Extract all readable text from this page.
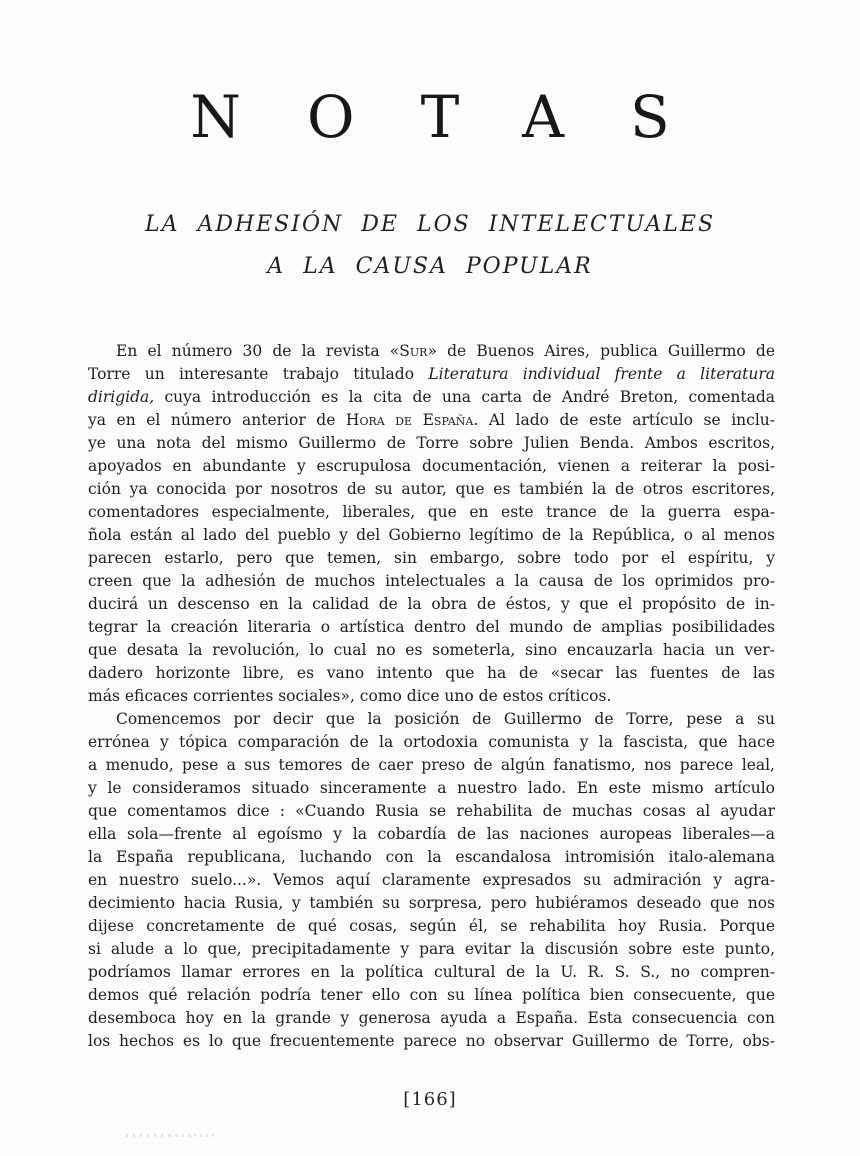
NOTAS
LA ADHESIÓN DE LOS INTELECTUALES
A LA CAUSA POPULAR
En el número 30 de la revista «Sur» de Buenos Aires, publica Guillermo de
Torre un interesante trabajo titulado Literatura individual frente a literatura
dirigida, cuya introducción es la cita de una carta de André Breton, comentada
ya en el número anterior de Hora de España. Al lado de este artículo se inclu-
ye una nota del mismo Guillermo de Torre sobre Julien Benda. Ambos escritos,
apoyados en abundante y escrupulosa documentación, vienen a reiterar la posi-
ción ya conocida por nosotros de su autor, que es también la de otros escritores,
comentadores especialmente, liberales, que en este trance de la guerra espa-
ñola están al lado del pueblo y del Gobierno legítimo de la República, o al menos
parecen estarlo, pero que temen, sin embargo, sobre todo por el espíritu, y
creen que la adhesión de muchos intelectuales a la causa de los oprimidos pro-
ducirá un descenso en la calidad de la obra de éstos, y que el propósito de in-
tegrar la creación literaria o artística dentro del mundo de amplias posibilidades
que desata la revolución, lo cual no es someterla, sino encauzarla hacia un ver-
dadero horizonte libre, es vano intento que ha de «secar las fuentes de las
más eficaces corrientes sociales», como dice uno de estos críticos.
Comencemos por decir que la posición de Guillermo de Torre, pese a su
errónea y tópica comparación de la ortodoxia comunista y la fascista, que hace
a menudo, pese a sus temores de caer preso de algún fanatismo, nos parece leal,
y le consideramos situado sinceramente a nuestro lado. En este mismo artículo
que comentamos dice : «Cuando Rusia se rehabilita de muchas cosas al ayudar
ella sola—frente al egoísmo y la cobardía de las naciones auropeas liberales—a
la España republicana, luchando con la escandalosa intromisión italo-alemana
en nuestro suelo...». Vemos aquí claramente expresados su admiración y agra-
decimiento hacia Rusia, y también su sorpresa, pero hubiéramos deseado que nos
dijese concretamente de qué cosas, según él, se rehabilita hoy Rusia. Porque
si alude a lo que, precipitadamente y para evitar la discusión sobre este punto,
podríamos llamar errores en la política cultural de la U. R. S. S., no compren-
demos qué relación podría tener ello con su línea política bien consecuente, que
desemboca hoy en la grande y generosa ayuda a España. Esta consecuencia con
los hechos es lo que frecuentemente parece no observar Guillermo de Torre, obs-
[166]
